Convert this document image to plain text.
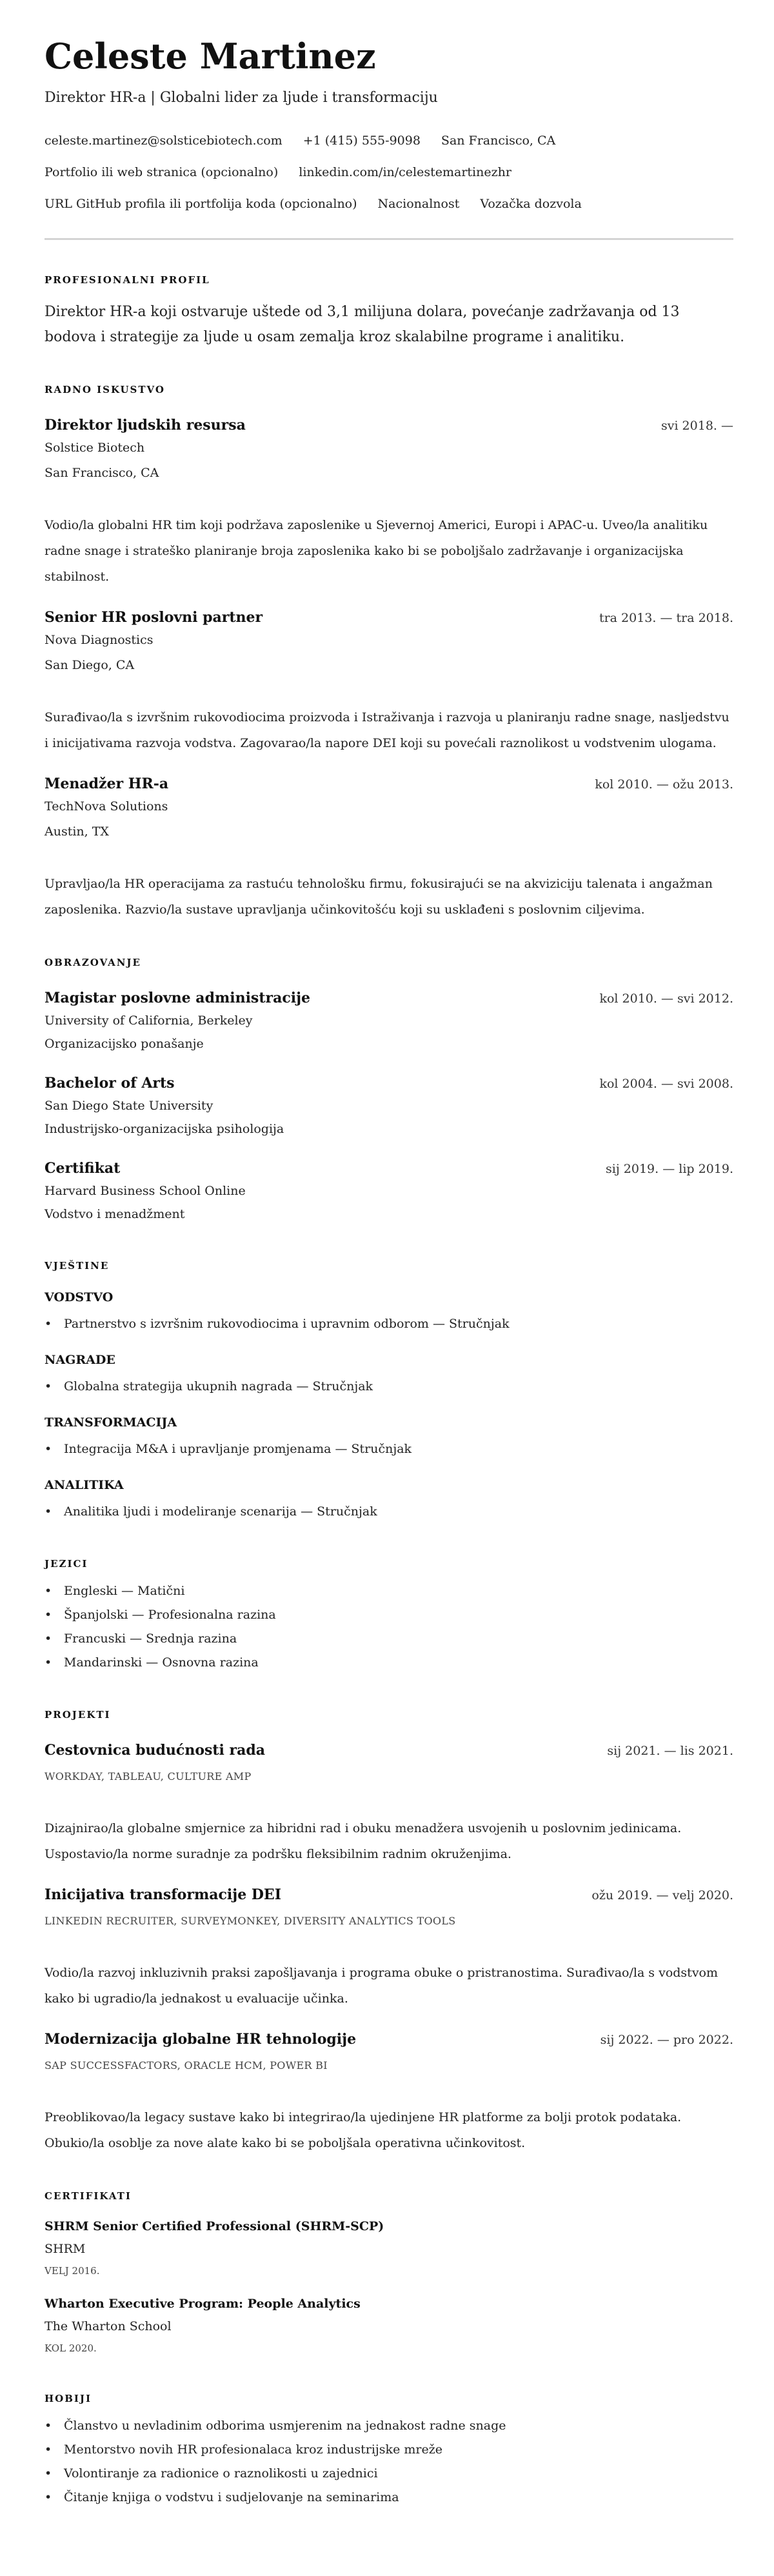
Celeste Martinez
Direktor HR-a | Globalni lider za ljude i transformaciju
celeste.martinez@solsticebiotech.com +1 (415) 555-9098 San Francisco, CA
Portfolio ili web stranica (opcionalno) linkedin.com/in/celestemartinezhr
URL GitHub profila ili portfolija koda (opcionalno) Nacionalnost Vozačka dozvola
PROFESIONALNI PROFIL
Direktor HR-a koji ostvaruje uštede od 3,1 milijuna dolara, povećanje zadržavanja od 13 bodova i strategije za ljude u osam zemalja kroz skalabilne programe i analitiku.
RADNO ISKUSTVO
Direktor ljudskih resursa	svi 2018. —
Solstice Biotech
San Francisco, CA
Vodio/la globalni HR tim koji podržava zaposlenike u Sjevernoj Americi, Europi i APAC-u. Uveo/la analitiku radne snage i strateško planiranje broja zaposlenika kako bi se poboljšalo zadržavanje i organizacijska stabilnost.
Senior HR poslovni partner	tra 2013. — tra 2018.
Nova Diagnostics
San Diego, CA
Surađivao/la s izvršnim rukovodiocima proizvoda i Istraživanja i razvoja u planiranju radne snage, nasljedstvu i inicijativama razvoja vodstva. Zagovarao/la napore DEI koji su povećali raznolikost u vodstvenim ulogama.
Menadžer HR-a	kol 2010. — ožu 2013.
TechNova Solutions
Austin, TX
Upravljao/la HR operacijama za rastuću tehnološku firmu, fokusirajući se na akviziciju talenata i angažman zaposlenika. Razvio/la sustave upravljanja učinkovitošću koji su usklađeni s poslovnim ciljevima.
OBRAZOVANJE
Magistar poslovne administracije	kol 2010. — svi 2012.
University of California, Berkeley
Organizacijsko ponašanje
Bachelor of Arts	kol 2004. — svi 2008.
San Diego State University
Industrijsko-organizacijska psihologija
Certifikat	sij 2019. — lip 2019.
Harvard Business School Online
Vodstvo i menadžment
VJEŠTINE
VODSTVO
• Partnerstvo s izvršnim rukovodiocima i upravnim odborom — Stručnjak
NAGRADE
• Globalna strategija ukupnih nagrada — Stručnjak
TRANSFORMACIJA
• Integracija M&A i upravljanje promjenama — Stručnjak
ANALITIKA
• Analitika ljudi i modeliranje scenarija — Stručnjak
JEZICI
• Engleski — Matični
• Španjolski — Profesionalna razina
• Francuski — Srednja razina
• Mandarinski — Osnovna razina
PROJEKTI
Cestovnica budućnosti rada	sij 2021. — lis 2021.
WORKDAY, TABLEAU, CULTURE AMP
Dizajnirao/la globalne smjernice za hibridni rad i obuku menadžera usvojenih u poslovnim jedinicama. Uspostavio/la norme suradnje za podršku fleksibilnim radnim okruženjima.
Inicijativa transformacije DEI	ožu 2019. — velj 2020.
LINKEDIN RECRUITER, SURVEYMONKEY, DIVERSITY ANALYTICS TOOLS
Vodio/la razvoj inkluzivnih praksi zapošljavanja i programa obuke o pristranostima. Surađivao/la s vodstvom kako bi ugradio/la jednakost u evaluacije učinka.
Modernizacija globalne HR tehnologije	sij 2022. — pro 2022.
SAP SUCCESSFACTORS, ORACLE HCM, POWER BI
Preoblikovao/la legacy sustave kako bi integrirao/la ujedinjene HR platforme za bolji protok podataka. Obukio/la osoblje za nove alate kako bi se poboljšala operativna učinkovitost.
CERTIFIKATI
SHRM Senior Certified Professional (SHRM-SCP)
SHRM
VELJ 2016.
Wharton Executive Program: People Analytics
The Wharton School
KOL 2020.
HOBIJI
• Članstvo u nevladinim odborima usmjerenim na jednakost radne snage
• Mentorstvo novih HR profesionalaca kroz industrijske mreže
• Volontiranje za radionice o raznolikosti u zajednici
• Čitanje knjiga o vodstvu i sudjelovanje na seminarima
